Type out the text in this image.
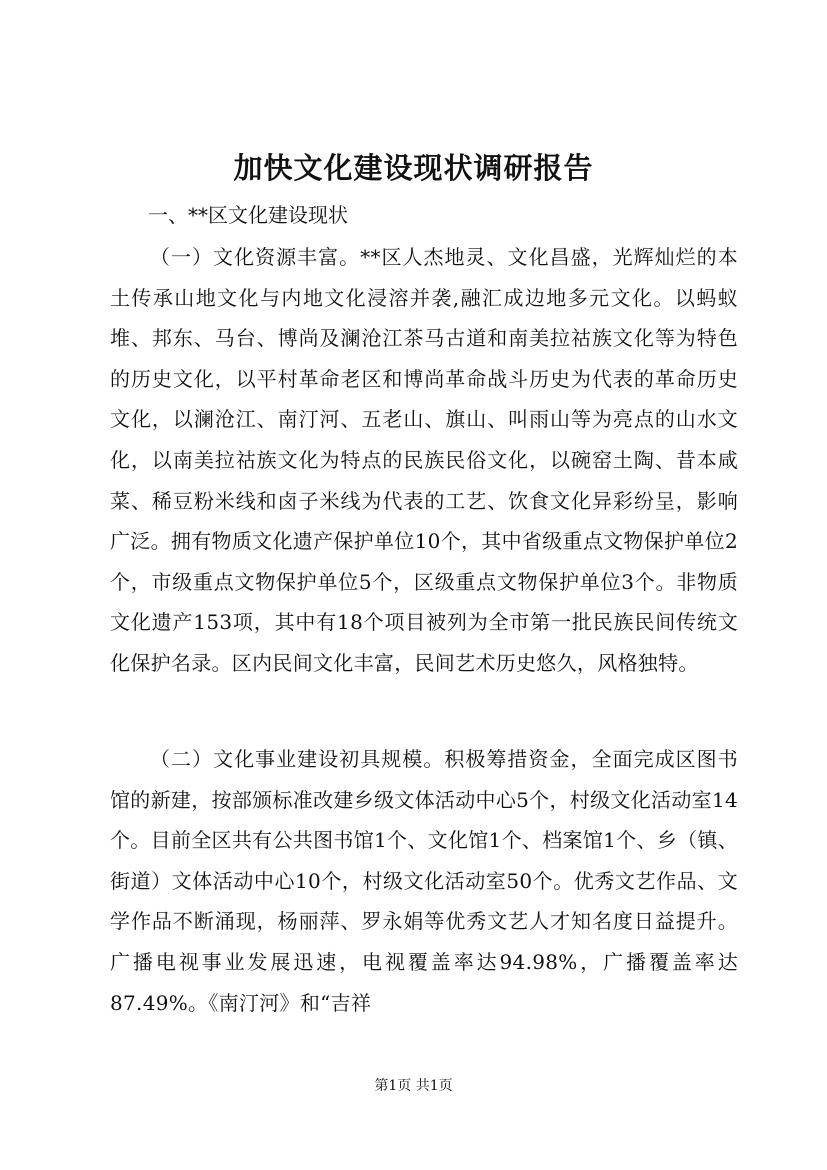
加快文化建设现状调研报告
一、**区文化建设现状
（一）文化资源丰富。**区人杰地灵、文化昌盛，光辉灿烂的本土传承山地文化与内地文化浸溶并袭,融汇成边地多元文化。以蚂蚁堆、邦东、马台、博尚及澜沧江茶马古道和南美拉祜族文化等为特色的历史文化，以平村革命老区和博尚革命战斗历史为代表的革命历史文化，以澜沧江、南汀河、五老山、旗山、叫雨山等为亮点的山水文化，以南美拉祜族文化为特点的民族民俗文化，以碗窑土陶、昔本咸菜、稀豆粉米线和卤子米线为代表的工艺、饮食文化异彩纷呈，影响广泛。拥有物质文化遗产保护单位10个，其中省级重点文物保护单位2个，市级重点文物保护单位5个，区级重点文物保护单位3个。非物质文化遗产153项，其中有18个项目被列为全市第一批民族民间传统文化保护名录。区内民间文化丰富，民间艺术历史悠久，风格独特。
（二）文化事业建设初具规模。积极筹措资金，全面完成区图书馆的新建，按部颁标准改建乡级文体活动中心5个，村级文化活动室14个。目前全区共有公共图书馆1个、文化馆1个、档案馆1个、乡（镇、街道）文体活动中心10个，村级文化活动室50个。优秀文艺作品、文学作品不断涌现，杨丽萍、罗永娟等优秀文艺人才知名度日益提升。广播电视事业发展迅速，电视覆盖率达94.98%，广播覆盖率达87.49%。《南汀河》和“吉祥
第1页 共1页
